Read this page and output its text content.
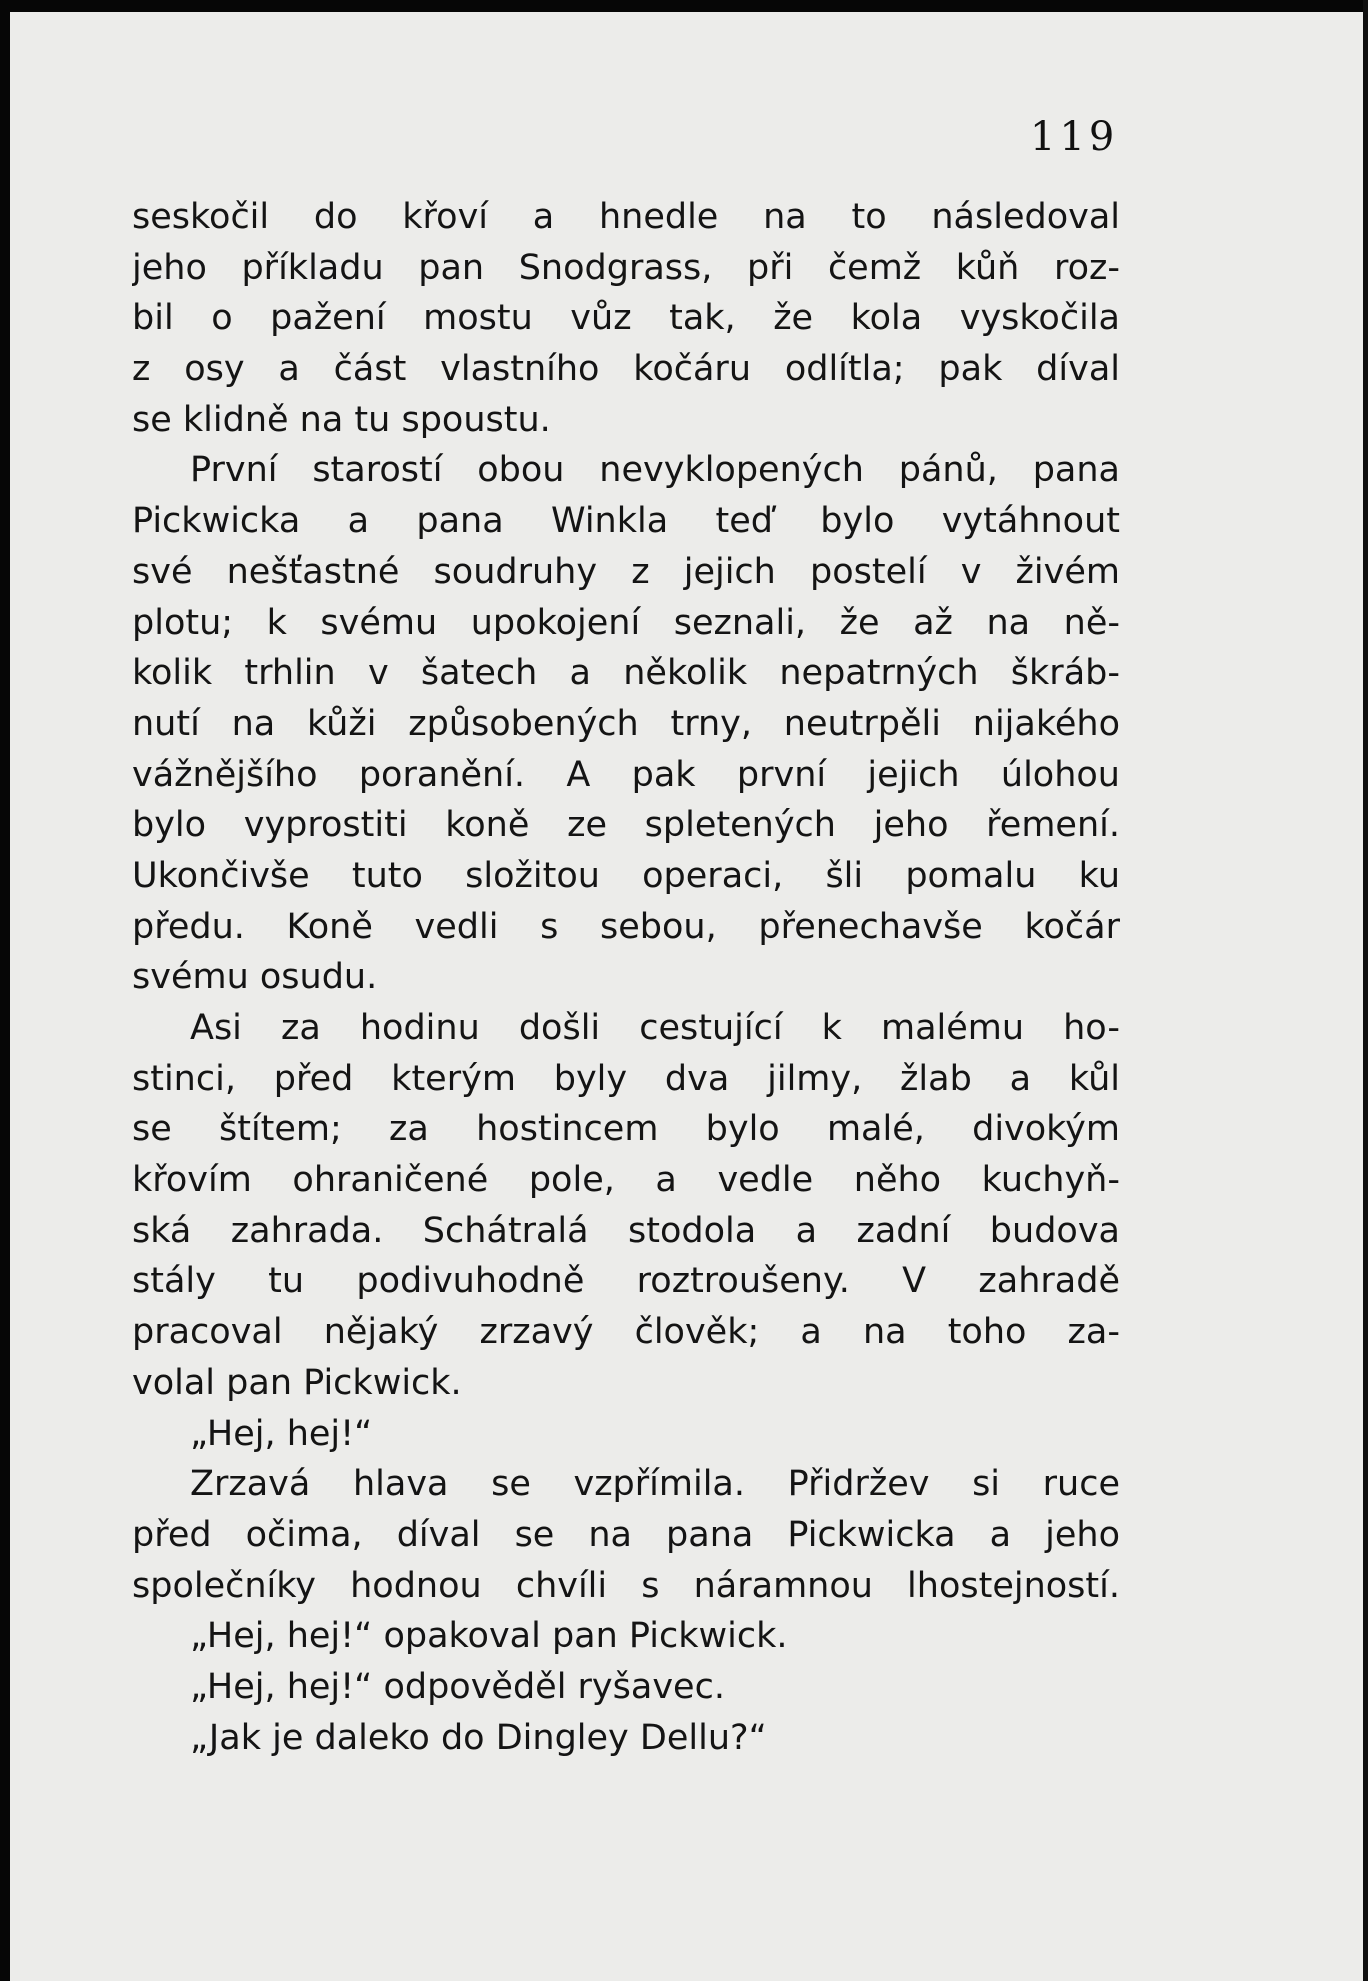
119
seskočil do křoví a hnedle na to následoval
jeho příkladu pan Snodgrass, při čemž kůň roz-
bil o pažení mostu vůz tak, že kola vyskočila
z osy a část vlastního kočáru odlítla; pak díval
se klidně na tu spoustu.
První starostí obou nevyklopených pánů, pana
Pickwicka a pana Winkla teď bylo vytáhnout
své nešťastné soudruhy z jejich postelí v živém
plotu; k svému upokojení seznali, že až na ně-
kolik trhlin v šatech a několik nepatrných škráb-
nutí na kůži způsobených trny, neutrpěli nijakého
vážnějšího poranění. A pak první jejich úlohou
bylo vyprostiti koně ze spletených jeho řemení.
Ukončivše tuto složitou operaci, šli pomalu ku
předu. Koně vedli s sebou, přenechavše kočár
svému osudu.
Asi za hodinu došli cestující k malému ho-
stinci, před kterým byly dva jilmy, žlab a kůl
se štítem; za hostincem bylo malé, divokým
křovím ohraničené pole, a vedle něho kuchyň-
ská zahrada. Schátralá stodola a zadní budova
stály tu podivuhodně roztroušeny. V zahradě
pracoval nějaký zrzavý člověk; a na toho za-
volal pan Pickwick.
„Hej, hej!“
Zrzavá hlava se vzpřímila. Přidržev si ruce
před očima, díval se na pana Pickwicka a jeho
společníky hodnou chvíli s náramnou lhostejností.
„Hej, hej!“ opakoval pan Pickwick.
„Hej, hej!“ odpověděl ryšavec.
„Jak je daleko do Dingley Dellu?“
